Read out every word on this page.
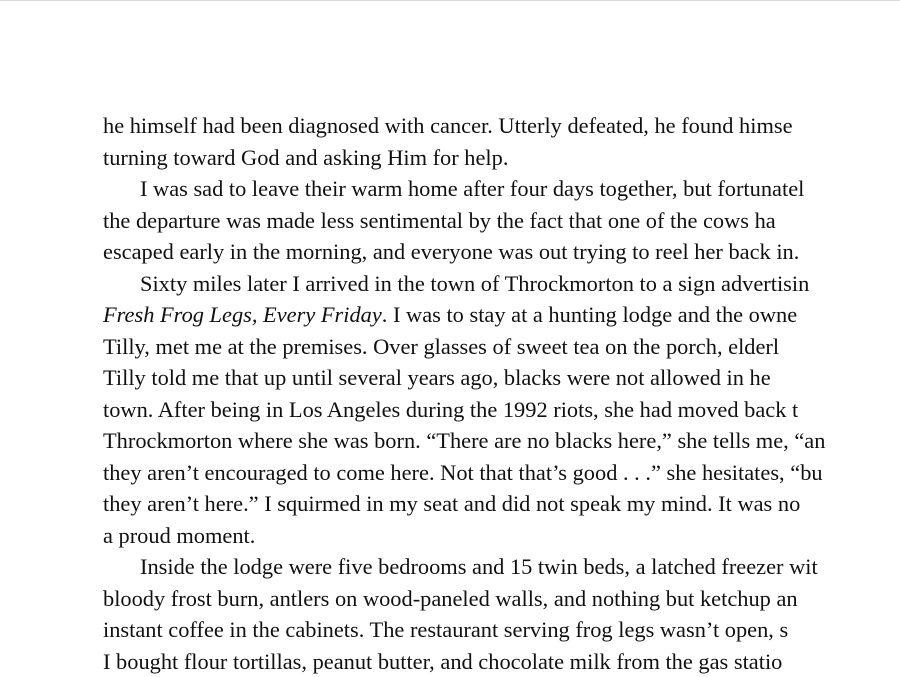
he himself had been diagnosed with cancer. Utterly defeated, he found himse
turning toward God and asking Him for help.
I was sad to leave their warm home after four days together, but fortunatel
the departure was made less sentimental by the fact that one of the cows ha
escaped early in the morning, and everyone was out trying to reel her back in.
Sixty miles later I arrived in the town of Throckmorton to a sign advertisin
Fresh Frog Legs, Every Friday. I was to stay at a hunting lodge and the owne
Tilly, met me at the premises. Over glasses of sweet tea on the porch, elderl
Tilly told me that up until several years ago, blacks were not allowed in he
town. After being in Los Angeles during the 1992 riots, she had moved back t
Throckmorton where she was born. “There are no blacks here,” she tells me, “an
they aren’t encouraged to come here. Not that that’s good . . .” she hesitates, “bu
they aren’t here.” I squirmed in my seat and did not speak my mind. It was no
a proud moment.
Inside the lodge were five bedrooms and 15 twin beds, a latched freezer wit
bloody frost burn, antlers on wood-paneled walls, and nothing but ketchup an
instant coffee in the cabinets. The restaurant serving frog legs wasn’t open, s
I bought flour tortillas, peanut butter, and chocolate milk from the gas statio
